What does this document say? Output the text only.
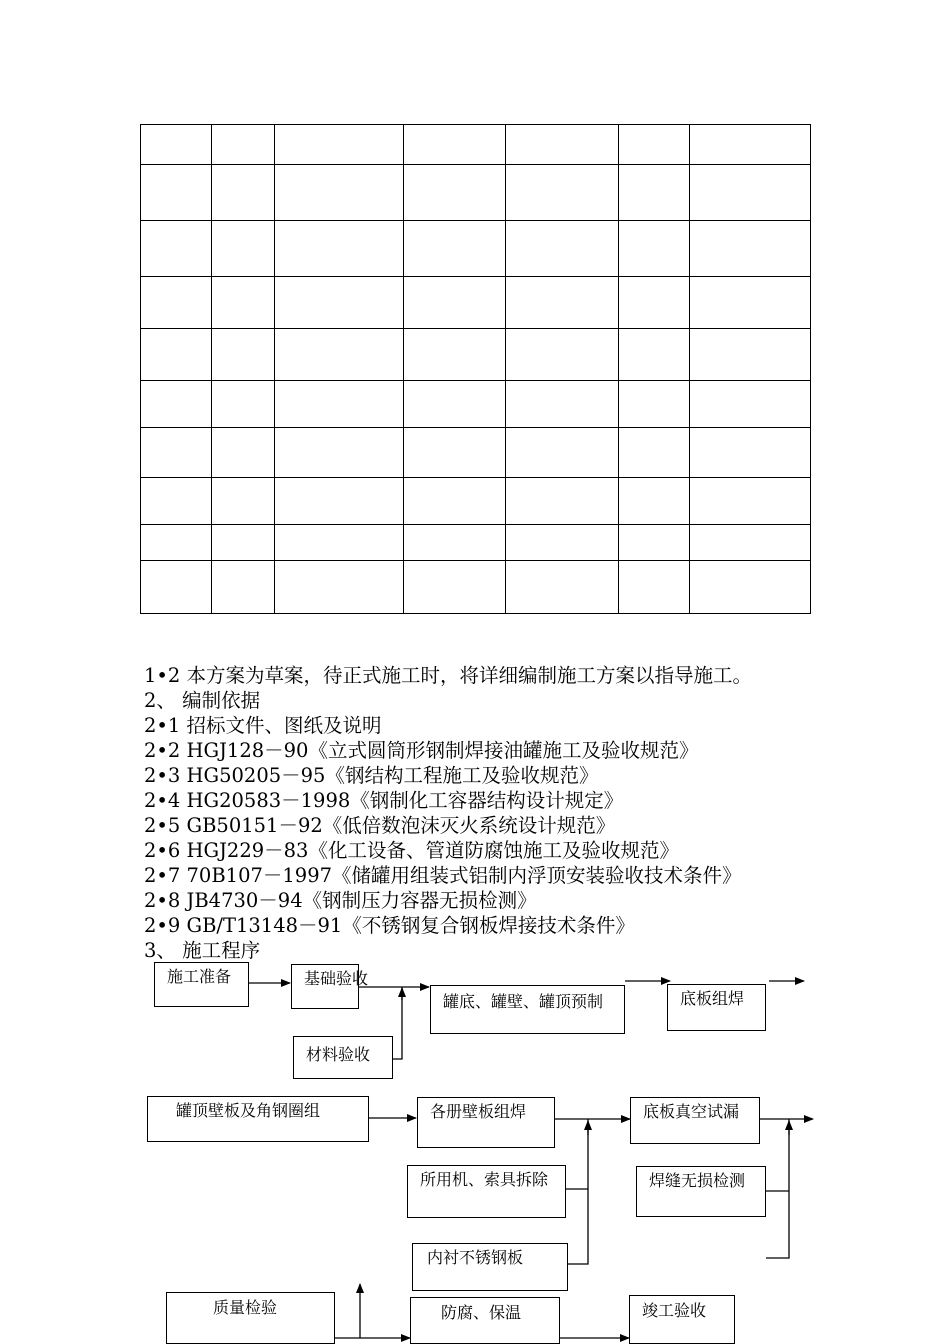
1•2 本方案为草案，待正式施工时，将详细编制施工方案以指导施工。
2、 编制依据
2•1 招标文件、图纸及说明
2•2 HGJ128－90《立式圆筒形钢制焊接油罐施工及验收规范》
2•3 HG50205－95《钢结构工程施工及验收规范》
2•4 HG20583－1998《钢制化工容器结构设计规定》
2•5 GB50151－92《低倍数泡沫灭火系统设计规范》
2•6 HGJ229－83《化工设备、管道防腐蚀施工及验收规范》
2•7 70B107－1997《储罐用组装式铝制内浮顶安装验收技术条件》
2•8 JB4730－94《钢制压力容器无损检测》
2•9 GB/T13148－91《不锈钢复合钢板焊接技术条件》
3、 施工程序
施工准备	基础验收
罐底、罐壁、罐顶预制	底板组焊
材料验收
罐顶壁板及角钢圈组	各册壁板组焊	底板真空试漏
所用机、索具拆除	焊缝无损检测
内衬不锈钢板
质量检验	防腐、保温	竣工验收
